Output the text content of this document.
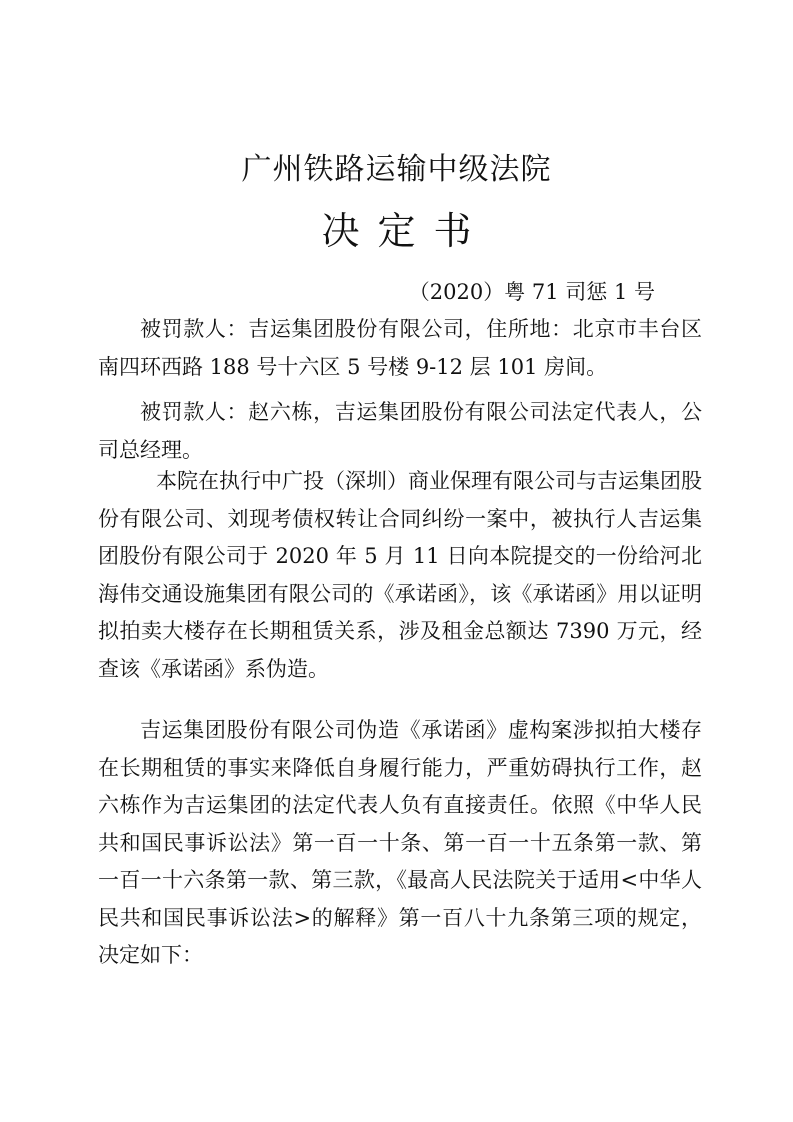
广州铁路运输中级法院
决定书
（2020）粤 71 司惩 1 号

被罚款人：吉运集团股份有限公司，住所地：北京市丰台区南四环西路 188 号十六区 5 号楼 9-12 层 101 房间。

被罚款人：赵六栋，吉运集团股份有限公司法定代表人，公司总经理。

本院在执行中广投（深圳）商业保理有限公司与吉运集团股份有限公司、刘现考债权转让合同纠纷一案中，被执行人吉运集团股份有限公司于 2020 年 5 月 11 日向本院提交的一份给河北海伟交通设施集团有限公司的《承诺函》，该《承诺函》用以证明拟拍卖大楼存在长期租赁关系，涉及租金总额达 7390 万元，经查该《承诺函》系伪造。

吉运集团股份有限公司伪造《承诺函》虚构案涉拟拍大楼存在长期租赁的事实来降低自身履行能力，严重妨碍执行工作，赵六栋作为吉运集团的法定代表人负有直接责任。依照《中华人民共和国民事诉讼法》第一百一十条、第一百一十五条第一款、第一百一十六条第一款、第三款，《最高人民法院关于适用<中华人民共和国民事诉讼法>的解释》第一百八十九条第三项的规定，决定如下：
